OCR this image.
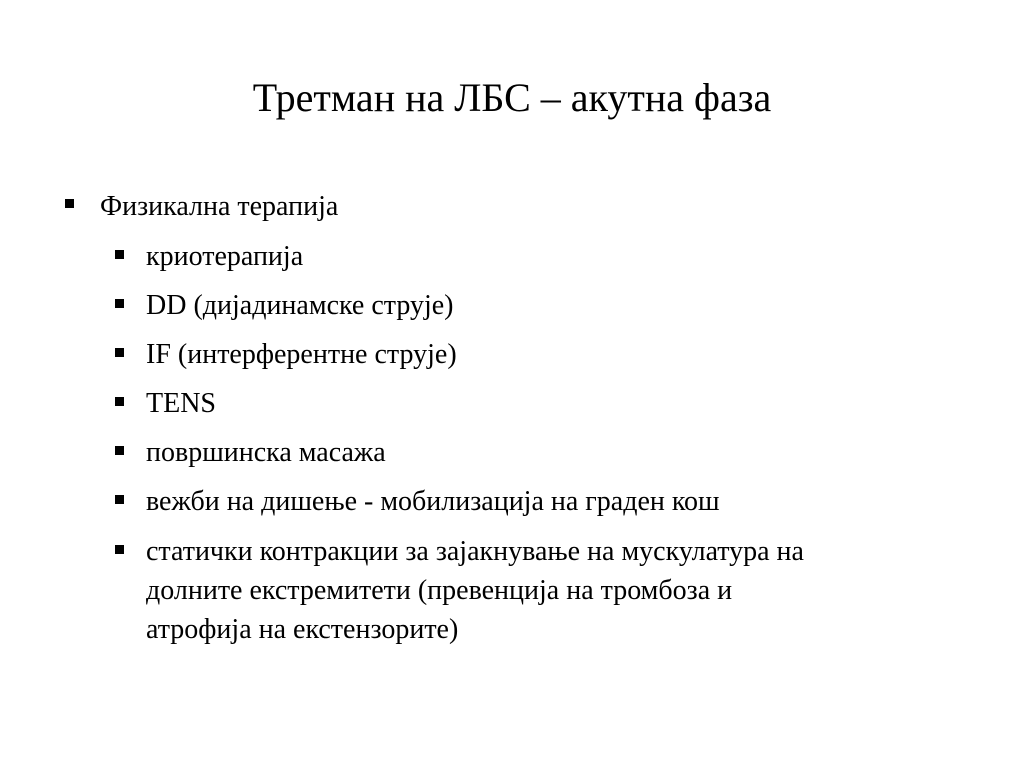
Третман на ЛБС – акутна фаза
Физикална терапија
криотерапија
DD (дијадинамске струје)
IF (интерферентне струје)
TENS
површинска масажа
вежби на дишење - мобилизација на граден кош
статички контракции за зајакнување на мускулатура на
долните екстремитети (превенција на тромбоза и
атрофија на екстензорите)
